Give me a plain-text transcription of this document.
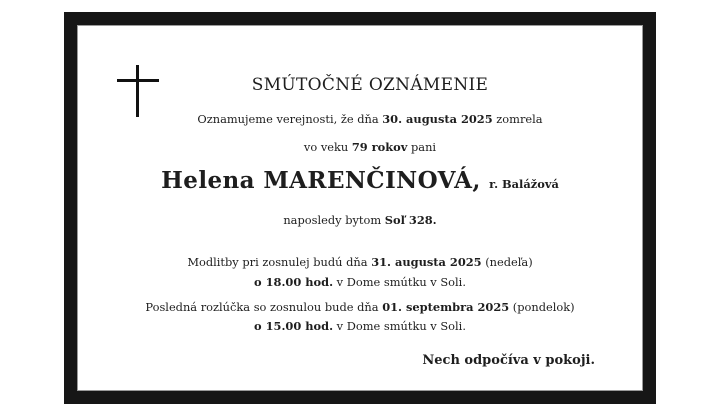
SMÚTOČNÉ OZNÁMENIE
Oznamujeme verejnosti, že dňa 30. augusta 2025 zomrela
vo veku 79 rokov pani
Helena MARENČINOVÁ, r. Balážová
naposledy bytom Soľ 328.
Modlitby pri zosnulej budú dňa 31. augusta 2025 (nedeľa)
o 18.00 hod. v Dome smútku v Soli.
Posledná rozlúčka so zosnulou bude dňa 01. septembra 2025 (pondelok)
o 15.00 hod. v Dome smútku v Soli.
Nech odpočíva v pokoji.
